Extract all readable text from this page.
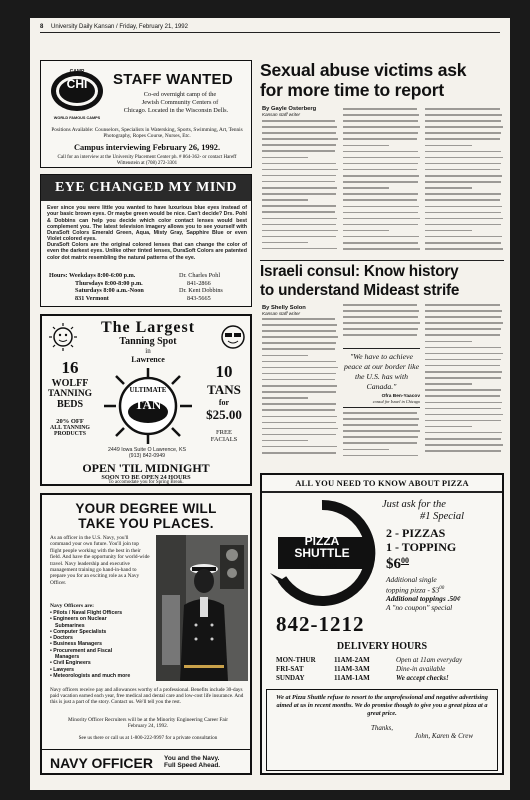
8 University Daily Kansan / Friday, February 21, 1992
CAMP
CHI
WORLD FAMOUS CAMPS
STAFF WANTED
Co-ed overnight camp of the
Jewish Community Centers of
Chicago. Located in the Wisconsin Dells.
Positions Available: Counselors, Specialists in Watersking, Sports, Swimming, Art, Tennis Photography, Ropes Course, Nurses, Etc.
Campus interviewing February 26, 1992.
Call for an interview at the University Placement Center ph. # 864-362- or contact Hareff Wittenstein at (708) 272-3301
EYE CHANGED MY MIND
Ever since you were little you wanted to have luxurious blue eyes instead of your basic brown eyes. Or maybe green would be nice. Can't decide? Drs. Pohl & Dobbins can help you decide which color contact lenses would best complement you. The latest television imagery allows you to see yourself with DuraSoft Colors Emerald Green, Aqua, Misty Gray, Sapphire Blue or even Violet colored eyes.
DuraSoft Colors are the original colored lenses that can change the color of even the darkest eyes. Unlike other tinted lenses, DuraSoft Colors are patented color dot matrix resembling the natural patterns of the eye.
Hours: Weekdays 8:00-6:00 p.m.
Thursdays 8:00-8:00 p.m.
Saturdays 8:00 a.m.-Noon
831 Vermont
Dr. Charles Pohl
841-2866
Dr. Kent Dobbins
843-5665
The Largest
Tanning Spot
in
Lawrence
16
WOLFF
TANNING
BEDS
20% OFF
ALL TANNING
PRODUCTS
ULTIMATE
TAN
10
TANS
for
$25.00
FREE
FACIALS
2449 Iowa Suite O Lawrence, KS
(913) 842-0949
OPEN 'TIL MIDNIGHT
SOON TO BE OPEN 24 HOURS
To accomodate you for Spring Break.
YOUR DEGREE WILL
TAKE YOU PLACES.
As an officer in the U.S. Navy, you'll command your own future. You'll join top flight people working with the best in their field. And have the opportunity for world-wide travel. Navy leadership and executive management training go hand-in-hand to prepare you for an exciting role as a Navy Officer.
Navy Officers are:
• Pilots / Naval Flight Officers
• Engineers on Nuclear
Submarines
• Computer Specialists
• Doctors
• Business Managers
• Procurement and Fiscal
Managers
• Civil Engineers
• Lawyers
• Meteorologists and much more
Navy officers receive pay and allowances worthy of a professional. Benefits include 30-days paid vacation earned each year, free medical and dental care and low-cost life insurance. And this is just a part of the story. Contact us. We'll tell you the rest.
Minority Officer Recruiters will be at the Minority Engineering Career Fair February 24, 1992.
See us there or call us at 1-800-222-9997 for a private consultation
NAVY OFFICER You and the Navy.
Full Speed Ahead.
Sexual abuse victims ask
for more time to report
By Gayle Osterberg
Kansan staff writer
Israeli consul: Know history
to understand Mideast strife
By Shelly Solon
Kansan staff writer
"We have to achieve peace at our border like the U.S. has with Canada."
Ofra Ben-Yaacov
consul for Israel in Chicago
ALL YOU NEED TO KNOW ABOUT PIZZA
PIZZA
SHUTTLE
DELIVERS
Just ask for the
#1 Special
2 - PIZZAS
1 - TOPPING
$\$6^{00}$
Additional single
topping pizza - $\$3^{00}$
Additional toppings .50¢
A "no coupon" special
842-1212
DELIVERY HOURS
MON-THUR	11AM-2AM	Open at 11am everyday
FRI-SAT	11AM-3AM	Dine-in available
SUNDAY	11AM-1AM	We accept checks!
We at Pizza Shuttle refuse to resort to the unprofessional and negative advertising aimed at us in recent months. We do promise though to give you a great pizza at a great price.
Thanks,
John, Karen & Crew
